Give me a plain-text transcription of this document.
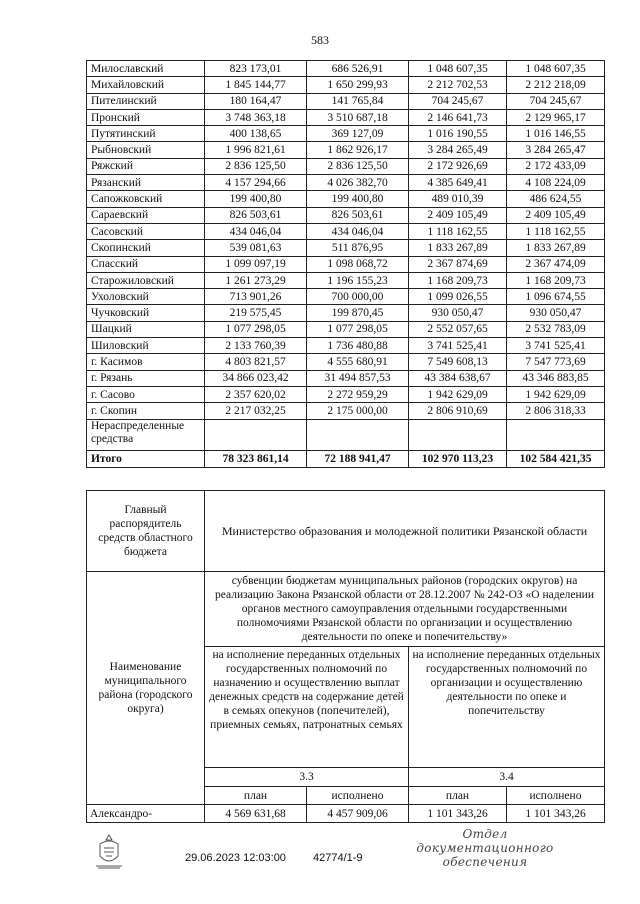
583
Милославский	823 173,01	686 526,91	1 048 607,35	1 048 607,35
Михайловский	1 845 144,77	1 650 299,93	2 212 702,53	2 212 218,09
Пителинский	180 164,47	141 765,84	704 245,67	704 245,67
Пронский	3 748 363,18	3 510 687,18	2 146 641,73	2 129 965,17
Путятинский	400 138,65	369 127,09	1 016 190,55	1 016 146,55
Рыбновский	1 996 821,61	1 862 926,17	3 284 265,49	3 284 265,47
Ряжский	2 836 125,50	2 836 125,50	2 172 926,69	2 172 433,09
Рязанский	4 157 294,66	4 026 382,70	4 385 649,41	4 108 224,09
Сапожковский	199 400,80	199 400,80	489 010,39	486 624,55
Сараевский	826 503,61	826 503,61	2 409 105,49	2 409 105,49
Сасовский	434 046,04	434 046,04	1 118 162,55	1 118 162,55
Скопинский	539 081,63	511 876,95	1 833 267,89	1 833 267,89
Спасский	1 099 097,19	1 098 068,72	2 367 874,69	2 367 474,09
Старожиловский	1 261 273,29	1 196 155,23	1 168 209,73	1 168 209,73
Ухоловский	713 901,26	700 000,00	1 099 026,55	1 096 674,55
Чучковский	219 575,45	199 870,45	930 050,47	930 050,47
Шацкий	1 077 298,05	1 077 298,05	2 552 057,65	2 532 783,09
Шиловский	2 133 760,39	1 736 480,88	3 741 525,41	3 741 525,41
г. Касимов	4 803 821,57	4 555 680,91	7 549 608,13	7 547 773,69
г. Рязань	34 866 023,42	31 494 857,53	43 384 638,67	43 346 883,85
г. Сасово	2 357 620,02	2 272 959,29	1 942 629,09	1 942 629,09
г. Скопин	2 217 032,25	2 175 000,00	2 806 910,69	2 806 318,33
Нераспределенные средства				
Итого	78 323 861,14	72 188 941,47	102 970 113,23	102 584 421,35
Главный распорядитель средств областного бюджета	Министерство образования и молодежной политики Рязанской области			
Наименование муниципального района (городского округа)	субвенции бюджетам муниципальных районов (городских округов) на реализацию Закона Рязанской области от 28.12.2007 № 242-ОЗ «О наделении органов местного самоуправления отдельными государственными полномочиями Рязанской области по организации и осуществлению деятельности по опеке и попечительству»			
	на исполнение переданных отдельных государственных полномочий по назначению и осуществлению выплат денежных средств на содержание детей в семьях опекунов (попечителей), приемных семьях, патронатных семьях		на исполнение переданных отдельных государственных полномочий по организации и осуществлению деятельности по опеке и попечительству	
	3.3		3.4	
	план	исполнено	план	исполнено
Александро-	4 569 631,68	4 457 909,06	1 101 343,26	1 101 343,26
Отдел документационного обеспечения
29.06.2023 12:03:00 42774/1-9
